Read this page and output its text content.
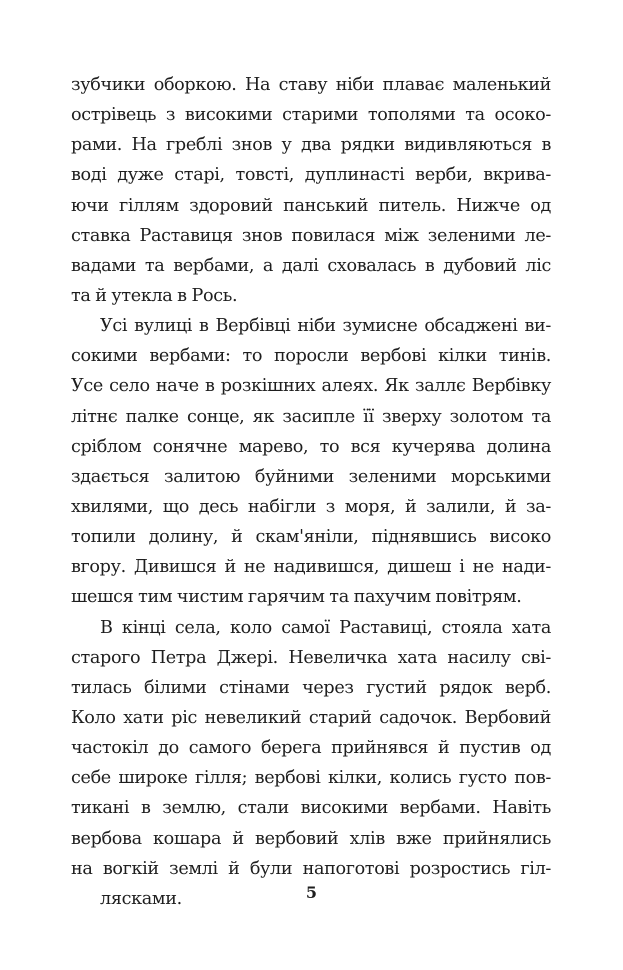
зубчики оборкою. На ставу ніби плаває маленький
острівець з високими старими тополями та осоко-
рами. На греблі знов у два рядки видивляються в
воді дуже старі, товсті, дуплинасті верби, вкрива-
ючи гіллям здоровий панський питель. Нижче од
ставка Раставиця знов повилася між зеленими ле-
вадами та вербами, а далі сховалась в дубовий ліс
та й утекла в Рось.
Усі вулиці в Вербівці ніби зумисне обсаджені ви-
сокими вербами: то поросли вербові кілки тинів.
Усе село наче в розкішних алеях. Як заллє Вербівку
літнє палке сонце, як засипле її зверху золотом та
сріблом сонячне марево, то вся кучерява долина
здається залитою буйними зеленими морськими
хвилями, що десь набігли з моря, й залили, й за-
топили долину, й скам'яніли, піднявшись високо
вгору. Дивишся й не надивишся, дишеш і не нади-
шешся тим чистим гарячим та пахучим повітрям.
В кінці села, коло самої Раставиці, стояла хата
старого Петра Джері. Невеличка хата насилу сві-
тилась білими стінами через густий рядок верб.
Коло хати ріс невеликий старий садочок. Вербовий
частокіл до самого берега прийнявся й пустив од
себе широке гілля; вербові кілки, колись густо пов-
тикані в землю, стали високими вербами. Навіть
вербова кошара й вербовий хлів вже прийнялись
на вогкій землі й були напоготові розростись гіл-
лясками.	5
